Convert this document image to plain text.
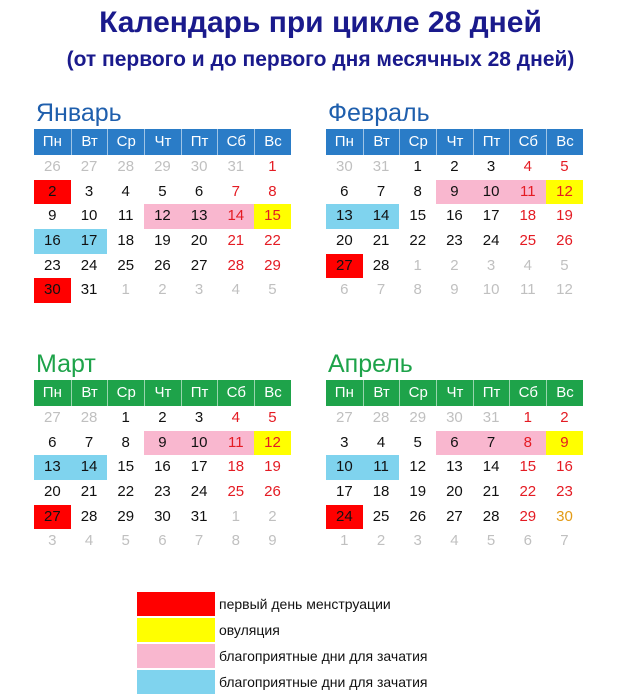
Календарь при цикле 28 дней
(от первого и до первого дня месячных 28 дней)
Январь
Пн	Вт	Ср	Чт	Пт	Сб	Вс
26	27	28	29	30	31	1
2	3	4	5	6	7	8
9	10	11	12	13	14	15
16	17	18	19	20	21	22
23	24	25	26	27	28	29
30	31	1	2	3	4	5
Февраль
Пн	Вт	Ср	Чт	Пт	Сб	Вс
30	31	1	2	3	4	5
6	7	8	9	10	11	12
13	14	15	16	17	18	19
20	21	22	23	24	25	26
27	28	1	2	3	4	5
6	7	8	9	10	11	12
Март
Пн	Вт	Ср	Чт	Пт	Сб	Вс
27	28	1	2	3	4	5
6	7	8	9	10	11	12
13	14	15	16	17	18	19
20	21	22	23	24	25	26
27	28	29	30	31	1	2
3	4	5	6	7	8	9
Апрель
Пн	Вт	Ср	Чт	Пт	Сб	Вс
27	28	29	30	31	1	2
3	4	5	6	7	8	9
10	11	12	13	14	15	16
17	18	19	20	21	22	23
24	25	26	27	28	29	30
1	2	3	4	5	6	7
первый день менструации
овуляция
благоприятные дни для зачатия
благоприятные дни для зачатия
